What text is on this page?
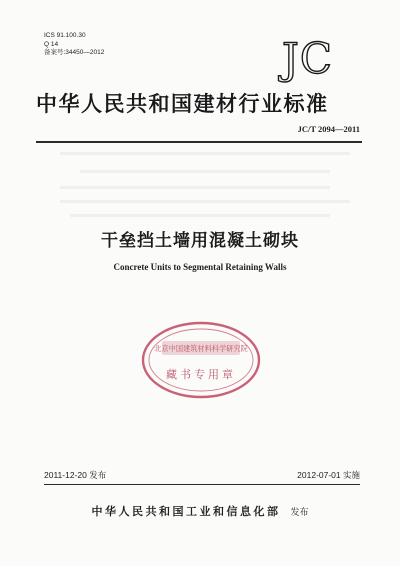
ICS 91.100.30
Q 14
备案号:34450—2012	JC
中华人民共和国建材行业标准
JC/T 2094—2011
干垒挡土墙用混凝土砌块
Concrete Units to Segmental Retaining Walls
北京中国建筑材料科学研究院
藏书专用章
2011-12-20 发布	2012-07-01 实施
中华人民共和国工业和信息化部 发布
